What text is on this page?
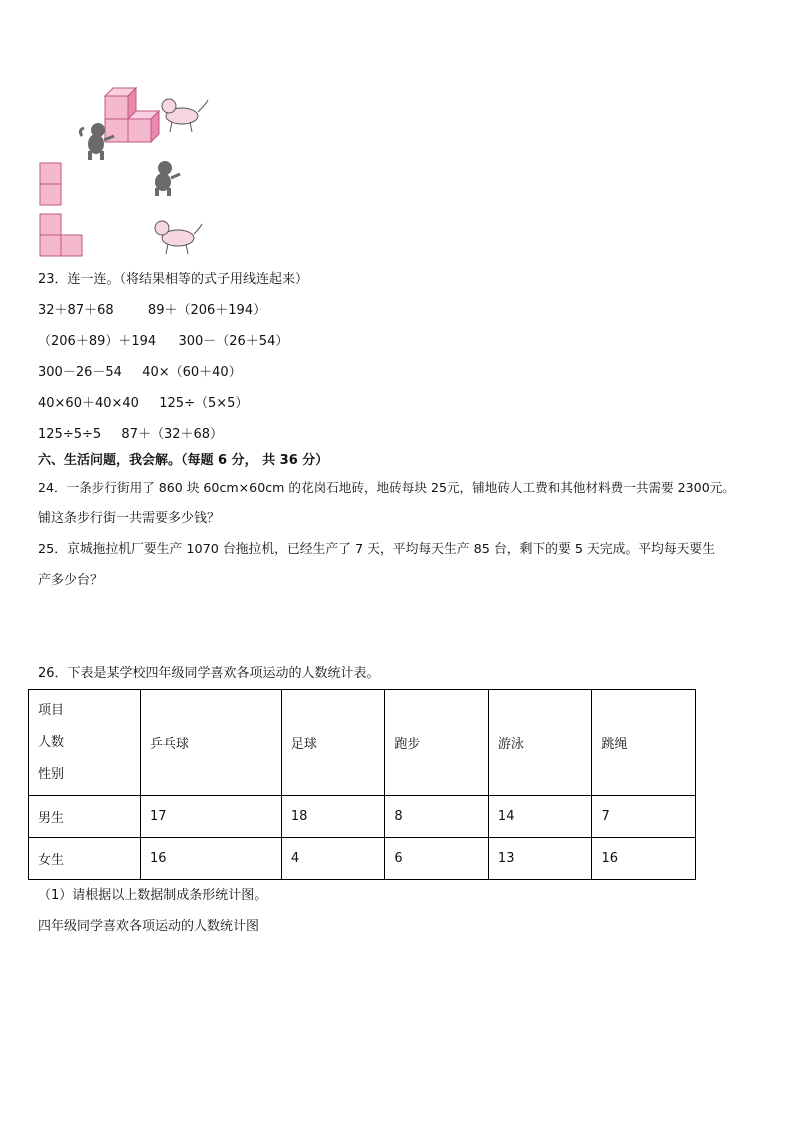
23．连一连。（将结果相等的式子用线连起来）
32＋87＋68	89＋（206＋194）
（206＋89）＋194 300－（26＋54）
300－26－54 40×（60＋40）
40×60＋40×40 125÷（5×5）
125÷5÷5 87＋（32＋68）
六、生活问题，我会解。（每题 6 分， 共 36 分）
24．一条步行街用了 860 块 60cm×60cm 的花岗石地砖，地砖每块 25元，铺地砖人工费和其他材料费一共需要 2300元。
铺这条步行街一共需要多少钱？
25．京城拖拉机厂要生产 1070 台拖拉机，已经生产了 7 天，平均每天生产 85 台，剩下的要 5 天完成。平均每天要生
产多少台？
26．下表是某学校四年级同学喜欢各项运动的人数统计表。
项目
人数
性别	乒乓球	足球	跑步	游泳	跳绳
男生	17	18	8	14	7
女生	16	4	6	13	16
（1）请根据以上数据制成条形统计图。
四年级同学喜欢各项运动的人数统计图
